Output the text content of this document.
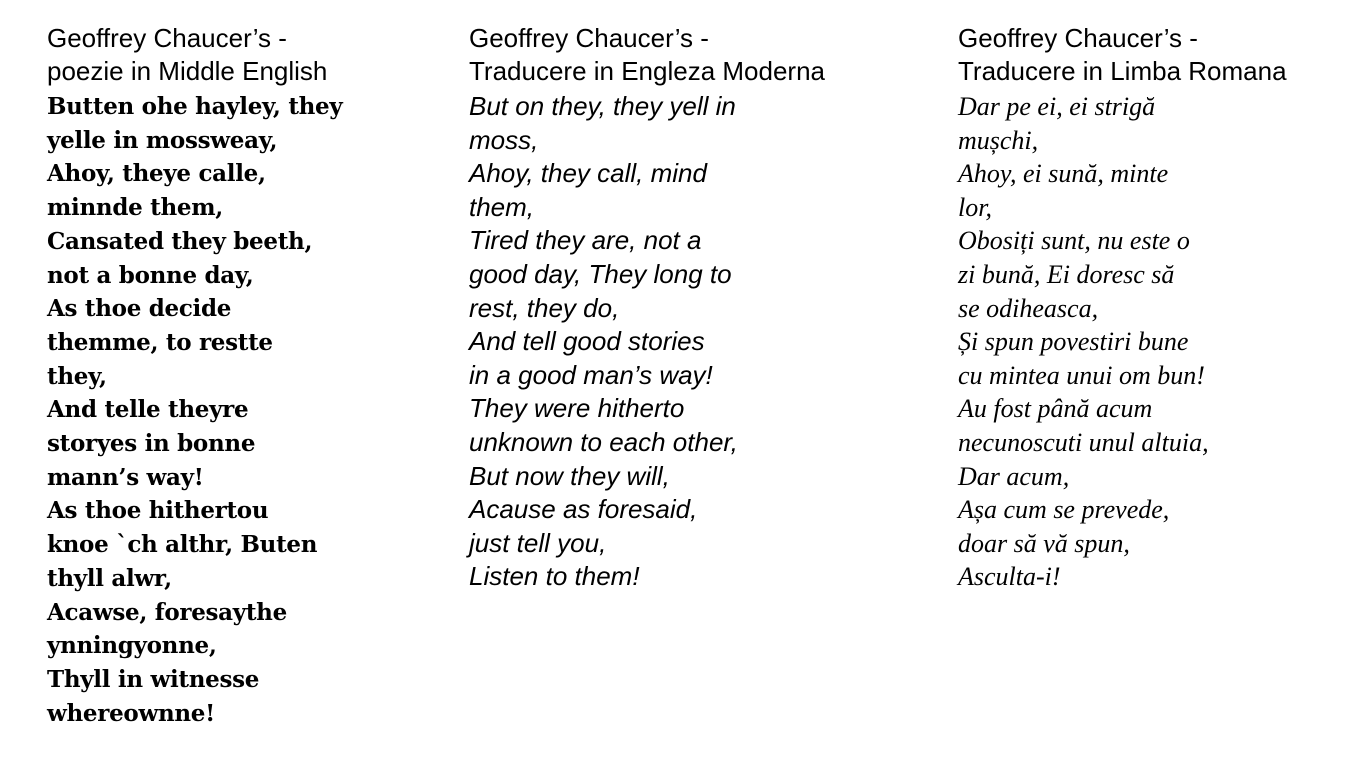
Geoffrey Chaucer’s -
poezie in Middle English
Butten ohe hayley, they
yelle in mossweay,
Ahoy, theye calle,
minnde them,
Cansated they beeth,
not a bonne day,
As thoe decide
themme, to restte
they,
And telle theyre
storyes in bonne
mann’s way!
As thoe hithertou
knoe `ch althr, Buten
thyll alwr,
Acawse, foresaythe
ynningyonne,
Thyll in witnesse
whereownne!
Geoffrey Chaucer’s -
Traducere in Engleza Moderna
But on they, they yell in
moss,
Ahoy, they call, mind
them,
Tired they are, not a
good day, They long to
rest, they do,
And tell good stories
in a good man’s way!
They were hitherto
unknown to each other,
But now they will,
Acause as foresaid,
just tell you,
Listen to them!
Geoffrey Chaucer’s -
Traducere in Limba Romana
Dar pe ei, ei strigă
mușchi,
Ahoy, ei sună, minte
lor,
Obosiți sunt, nu este o
zi bună, Ei doresc să
se odiheasca,
Și spun povestiri bune
cu mintea unui om bun!
Au fost până acum
necunoscuti unul altuia,
Dar acum,
Așa cum se prevede,
doar să vă spun,
Asculta-i!
